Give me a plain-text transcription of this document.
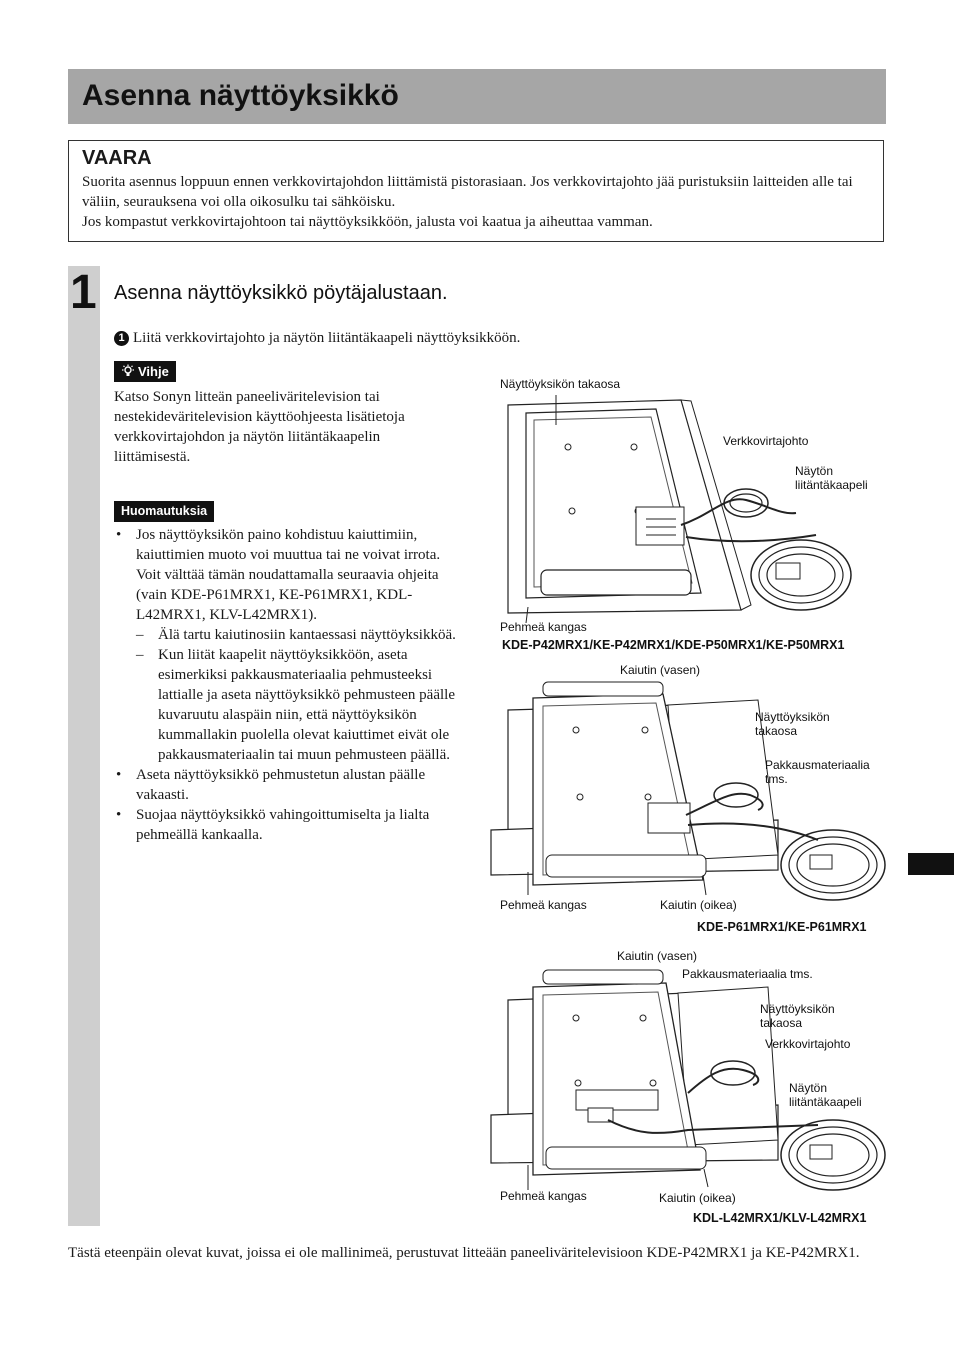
Asenna näyttöyksikkö
VAARA

Suorita asennus loppuun ennen verkkovirtajohdon liittämistä pistorasiaan. Jos verkkovirtajohto jää puristuksiin laitteiden alle tai väliin, seurauksena voi olla oikosulku tai sähköisku.

Jos kompastut verkkovirtajohtoon tai näyttöyksikköön, jalusta voi kaatua ja aiheuttaa vamman.

1 Asenna näyttöyksikkö pöytäjalustaan.
1 Liitä verkkovirtajohto ja näytön liitäntäkaapeli näyttöyksikköön.
Vihje

Katso Sonyn litteän paneeliväritelevision tai nestekideväritelevision käyttöohjeesta lisätietoja verkkovirtajohdon ja näytön liitäntäkaapelin liittämisestä.

Huomautuksia
• Jos näyttöyksikön paino kohdistuu kaiuttimiin, kaiuttimien muoto voi muuttua tai ne voivat irrota. Voit välttää tämän noudattamalla seuraavia ohjeita (vain KDE-P61MRX1, KE-P61MRX1, KDL-L42MRX1, KLV-L42MRX1).
– Älä tartu kaiutinosiin kantaessasi näyttöyksikköä.
– Kun liität kaapelit näyttöyksikköön, aseta esimerkiksi pakkausmateriaalia pehmusteeksi lattialle ja aseta näyttöyksikkö pehmusteen päälle kuvaruutu alaspäin niin, että näyttöyksikön kummallakin puolella olevat kaiuttimet eivät ole pakkausmateriaalin tai muun pehmusteen päällä.
• Aseta näyttöyksikkö pehmustetun alustan päälle vakaasti.
• Suojaa näyttöyksikkö vahingoittumiselta ja lialta pehmeällä kankaalla.
Näyttöyksikön takaosa
Verkkovirtajohto
Näytön
liitäntäkaapeli
Pehmeä kangas
KDE-P42MRX1/KE-P42MRX1/KDE-P50MRX1/KE-P50MRX1
Kaiutin (vasen)
Näyttöyksikön
takaosa
Pakkausmateriaalia
tms.
Pehmeä kangas	Kaiutin (oikea)
KDE-P61MRX1/KE-P61MRX1
Kaiutin (vasen)
Pakkausmateriaalia tms.
Näyttöyksikön
takaosa
Verkkovirtajohto
Näytön
liitäntäkaapeli
Pehmeä kangas	Kaiutin (oikea)
KDL-L42MRX1/KLV-L42MRX1

Tästä eteenpäin olevat kuvat, joissa ei ole mallinimeä, perustuvat litteään paneeliväritelevisioon KDE-P42MRX1 ja KE-P42MRX1.
